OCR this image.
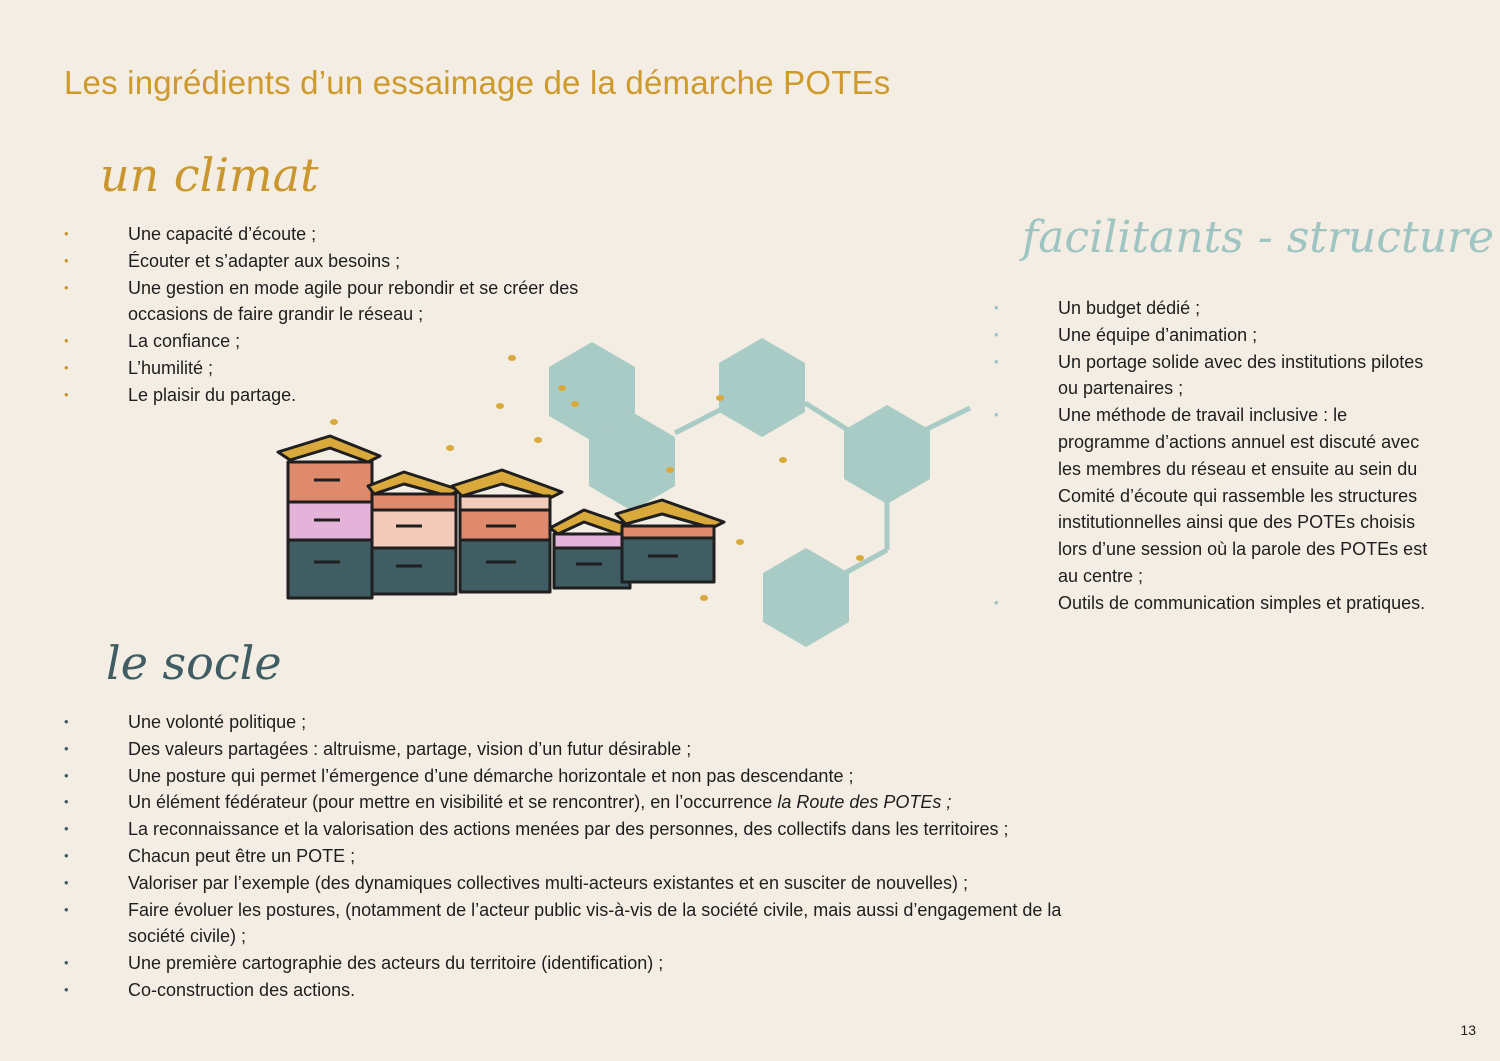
Les ingrédients d’un essaimage de la démarche POTEs
un climat
• Une capacité d’écoute ;
• Écouter et s’adapter aux besoins ;
• Une gestion en mode agile pour rebondir et se créer des occasions de faire grandir le réseau ;
• La confiance ;
• L’humilité ;
• Le plaisir du partage.
facilitants - structure
• Un budget dédié ;
• Une équipe d’animation ;
• Un portage solide avec des institutions pilotes ou partenaires ;
• Une méthode de travail inclusive : le programme d’actions annuel est discuté avec les membres du réseau et ensuite au sein du Comité d’écoute qui rassemble les structures institutionnelles ainsi que des POTEs choisis lors d’une session où la parole des POTEs est au centre ;
• Outils de communication simples et pratiques.
le socle
• Une volonté politique ;
• Des valeurs partagées : altruisme, partage, vision d’un futur désirable ;
• Une posture qui permet l’émergence d’une démarche horizontale et non pas descendante ;
• Un élément fédérateur (pour mettre en visibilité et se rencontrer), en l’occurrence la Route des POTEs ;
• La reconnaissance et la valorisation des actions menées par des personnes, des collectifs dans les territoires ;
• Chacun peut être un POTE ;
• Valoriser par l’exemple (des dynamiques collectives multi-acteurs existantes et en susciter de nouvelles) ;
• Faire évoluer les postures, (notamment de l’acteur public vis-à-vis de la société civile, mais aussi d’engagement de la société civile) ;
• Une première cartographie des acteurs du territoire (identification) ;
• Co-construction des actions.
13
